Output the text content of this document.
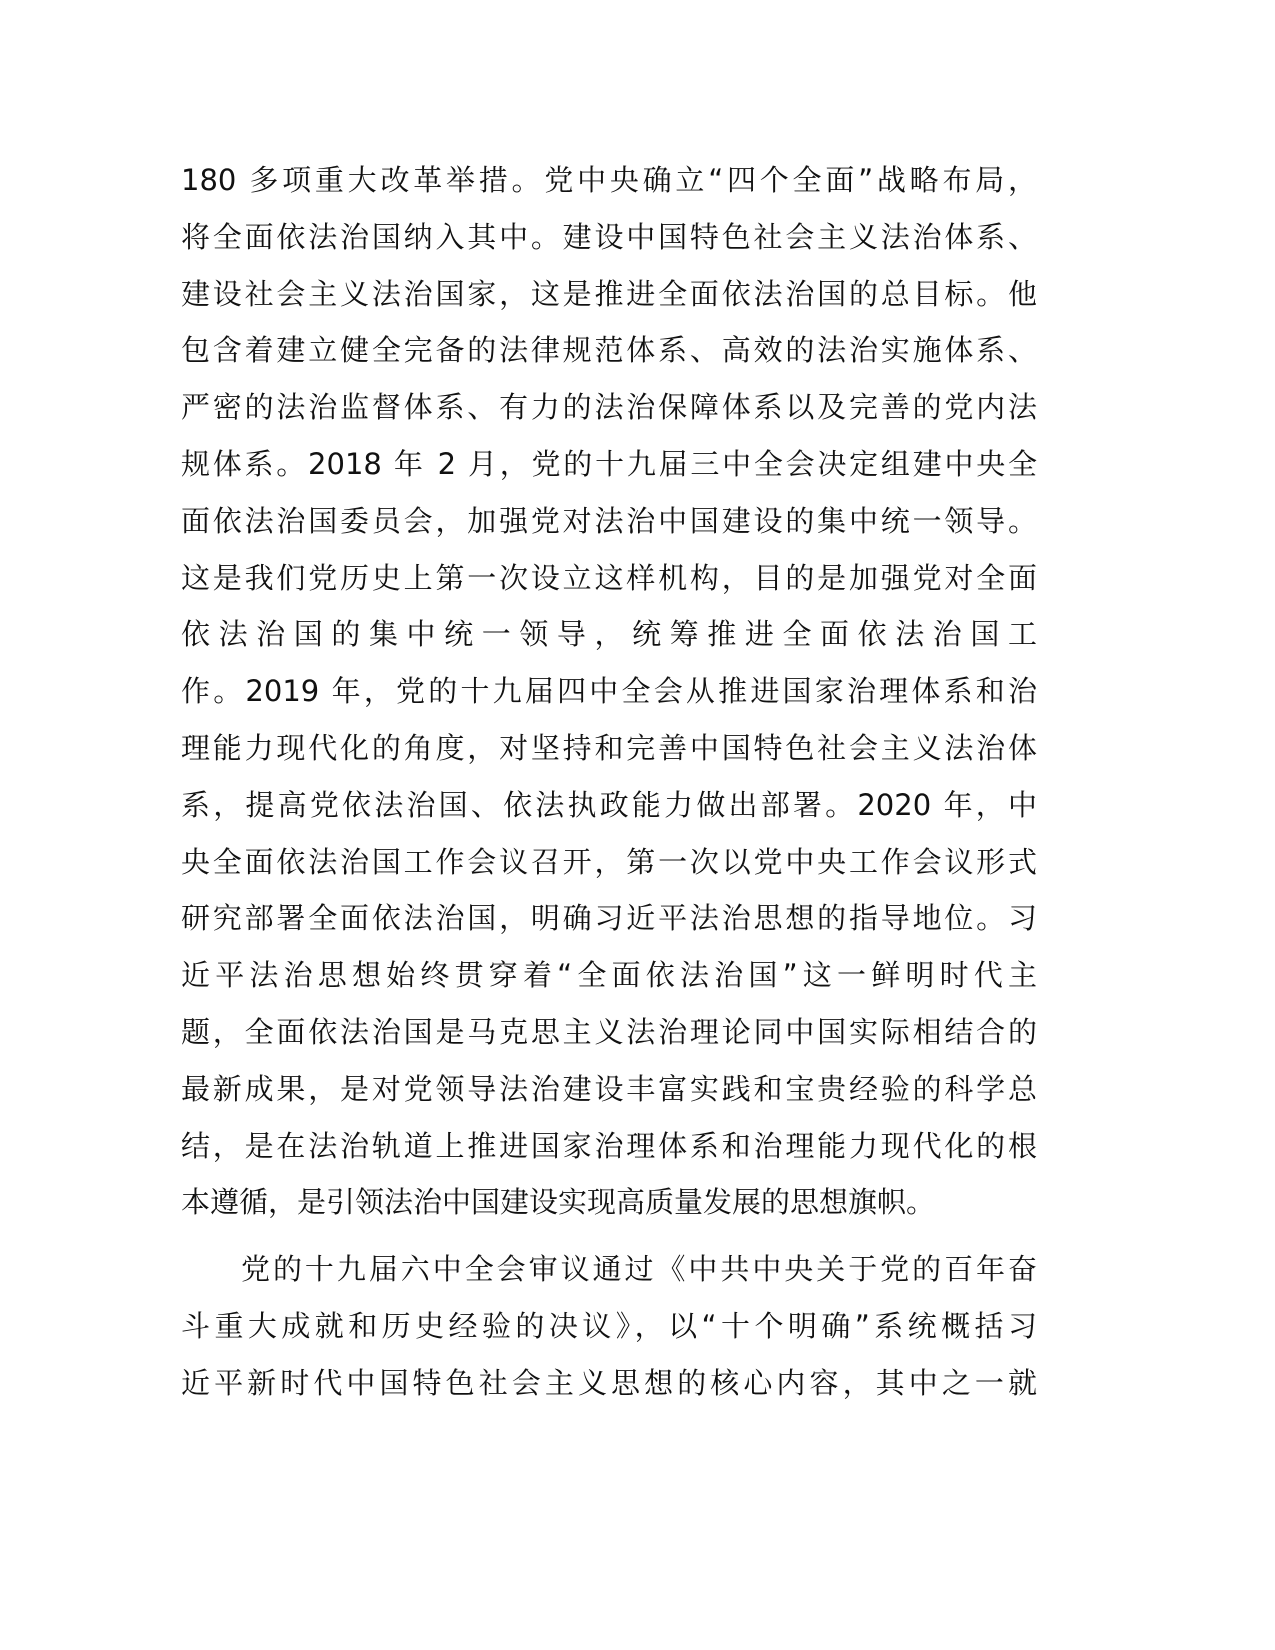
180 多项重大改革举措。党中央确立“四个全面”战略布局，
将全面依法治国纳入其中。建设中国特色社会主义法治体系、
建设社会主义法治国家，这是推进全面依法治国的总目标。他
包含着建立健全完备的法律规范体系、高效的法治实施体系、
严密的法治监督体系、有力的法治保障体系以及完善的党内法
规体系。2018 年 2 月，党的十九届三中全会决定组建中央全
面依法治国委员会，加强党对法治中国建设的集中统一领导。
这是我们党历史上第一次设立这样机构，目的是加强党对全面
依法治国的集中统一领导，统筹推进全面依法治国工
作。2019 年，党的十九届四中全会从推进国家治理体系和治
理能力现代化的角度，对坚持和完善中国特色社会主义法治体
系，提高党依法治国、依法执政能力做出部署。2020 年，中
央全面依法治国工作会议召开，第一次以党中央工作会议形式
研究部署全面依法治国，明确习近平法治思想的指导地位。习
近平法治思想始终贯穿着“全面依法治国”这一鲜明时代主
题，全面依法治国是马克思主义法治理论同中国实际相结合的
最新成果，是对党领导法治建设丰富实践和宝贵经验的科学总
结，是在法治轨道上推进国家治理体系和治理能力现代化的根
本遵循，是引领法治中国建设实现高质量发展的思想旗帜。
党的十九届六中全会审议通过《中共中央关于党的百年奋
斗重大成就和历史经验的决议》，以“十个明确”系统概括习
近平新时代中国特色社会主义思想的核心内容，其中之一就
